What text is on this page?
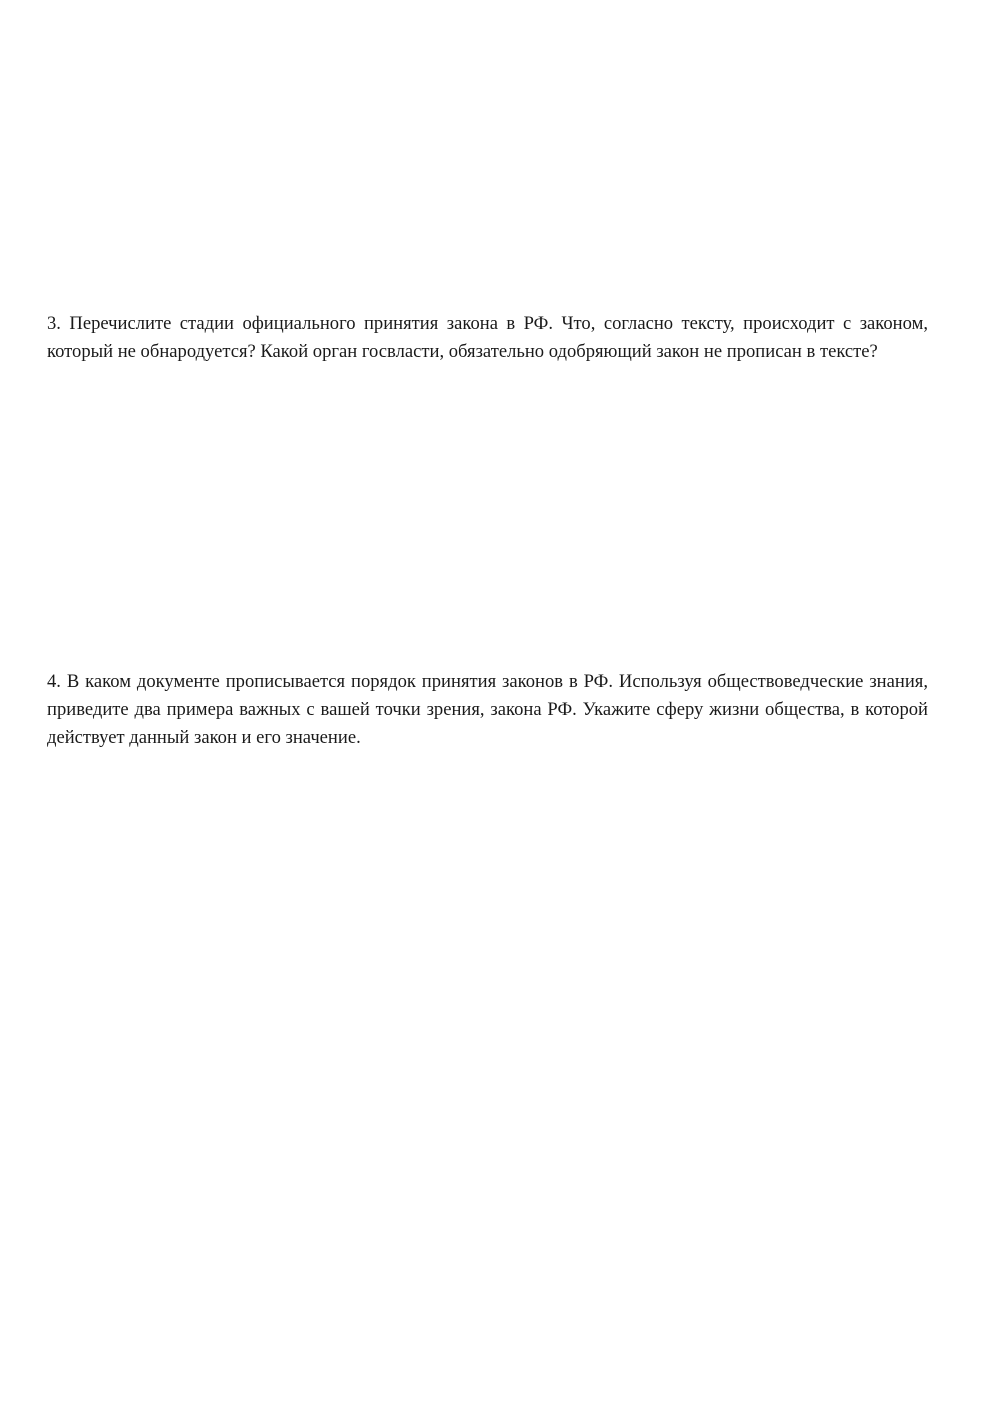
3. Перечислите стадии официального принятия закона в РФ. Что, согласно тексту, происходит с законом, который не обнародуется? Какой орган госвласти, обязательно одобряющий закон не прописан в тексте?

4. В каком документе прописывается порядок принятия законов в РФ. Используя обществоведческие знания, приведите два примера важных с вашей точки зрения, закона РФ. Укажите сферу жизни общества, в которой действует данный закон и его значение.
